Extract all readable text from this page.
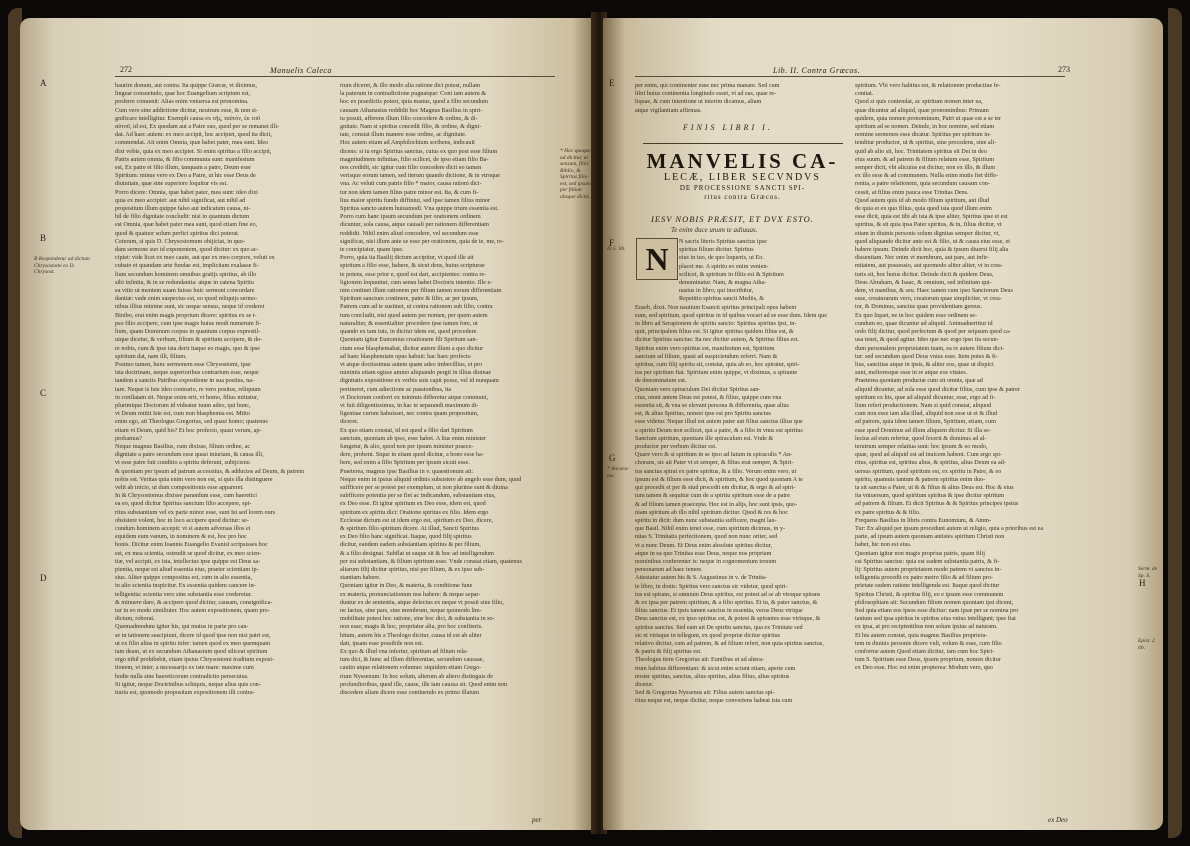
272	Manuelis Caleca
A
B
C
D
B Respondetur ad dictum Chrysostomi ex D. Chrysost.
* Hoc quoque ad dicitur, ut sensum, filiis Biblio, & Spiritus filio est, sed ipsum per filium absque dictis.
haurire donum, aut contra. Ita quippe Græcæ, vt diximus,
linguæ consuetudo, quæ hoc Euangelium scriptum est,
proferre conuenit: Alias enim vniuersa est pronomina.
Cum vero sine addictione dicitur, neutrum esse, & non si-
gnificare intelligitur. Exempli causa ex τῆς, ταὐτόν, ἐκ τοῦ
αὐτοῦ, id est, Ex quodam aut a Patre suo, quod per se remanet illi-
dat. Ad haec autem: ex meo accipit, hoc accipiet, quod ita dicit,
commendat. Ait enim Omnia, quæ habet pater, mea sunt. Ideo
dixi vobis, quia ex meo accipiet. Si enim spiritus a filio accipit,
Patris autem omnia, & filio communia sunt: manifestum
est, Ex patre et filio illum, tanquam a patre, Deum esse
Spiritum: minus vero ex Deo a Patre, ut hic esse Deus de
diuinitate, quæ sine superiore loquitur vis est.
Porro dicere: Omnia, quæ habet pater, mea sunt: ideo dixi
quia ex meo accipiet: aut nihil significat, aut nihil ad
propositum illum quippe falso aut indicatum causa, ni-
hil de filio dignitate concludit: nisi in quantum dictum
est Omnia, quæ habet pater mea sunt, quod etiam fine eo,
quod & quatuor solum perfici spiritus dici poterat.
Ceterum, si quis D. Chrysostomum obijiciat, in quo-
dam sermone suo id exponentem, quod dicitur: ex quo ac-
cipiet: vide licet ex meo caute, aut que ex meo corpore, veluti ex
cubato et quandam arte fundae est, implicitam exalasse fi-
lium secundum hominem omnibus gratijs spiritus, ab illo
sibi infinita, & in se redundantia: atque in catena Spiritu
ea vitio ut mentem suam fuisse huic sermoni concordare
dantiæ: vade enim suspectus est, eo quod reliquijs sermo-
nibus illius minime sunt, sic neque sensus, neque id crederet
Binibo, erat enim magis proprium dicere: spiritus ex se i-
pso filio accipere, cum ipse magis huius modi numerum fi-
lium, quam Dominum corpus in quantum corpus exprestil-
uique dicetur, & verbum, filium & spiritum accipere, & do-
re nobis, cum & ipse ista derit itaque eo magis, quo & ipse
spiritum dat, nam illi, filium.
Postmo tamen, hunc sermonem esse Chrysostomi, ipse
ista doctrinam, neque superioribus contrarium esse, neque
tandem a sanctis Patribus expositione in sua positus, na-
tare. Neque is Iste ideo contrario, re vero positus, reliquum
in conflatam sit. Neque enim erit, vt homo, filius mittatur,
plurimique Doctorum id videatur tuum adeo, qui hunc,
vt Deum mittit Iste est, cum non blasphemia est. Mitto
enim ego, ait Theologus Gregorius, sed quasi homo; quatenus
etiam vt Deum, quid his? Et hoc profecto, quasi verum, ap-
probamus?
Neque magnus Basilius, cum dixisse, filium ordine, ac
dignitate a patre secundum esse quasi iniuriam, & causa illi,
vt esse patre fuit conditio a spiritu deferunt, subijciens:
& quoniam per ipsum ad patrum accessitus, & adductos ad Deum, & patrem
nobis est. Veritas quia enim vero non est, si quis illa distinguere
velit ab inicio, ut dum compositionis esse appareret.
In & Chrysostomus dixisse parandum esse, cum haeretici
ea eo, quod dicitur Spiritus sanctum filio accepere, spi-
ritus substantium vel ex parte minor esse, sunt Ist sed lorem ours
obsistere volent, hoc in loco accipere quod dicitur: se-
cundum hominem accepit: vt si autem adversas illos ei
equidem eum vanum, in nominem & est, hoc pro hoc
bonis. Dicitur enim Ioannis Euangelio Evanist scripsisses hoc
est, ex mea scientia, ostendit se quod dicitur, ex meo scien-
tiæ, vel accipit, ex ista, intellectus ipse quippe est Deus sa-
pientia, neque est aliud essentia eius, praeter scientiam ip-
sius. Aliter quippe compositus est, cum in alio essentia,
in alio scientia inspicitur. Ex essentia quidem cancere in-
telligentia: scientia vero sine substantia esse crederetur.
& minuere dare, & accipere quod dicitur, causam, consignifica-
tur in eo modo similiuter. Hoc autem expositionem, quam pro-
dictum, roborat.
Quemadmodum igitur his, qui mutus in parte pro can-
se in tationem suscipiunt, dicere id quod ipse non nisi patri est,
ut ex filio alius in spiritu infer: tamen quod ex meo quemquam
iam deam, ut ex secundum Athanasium quod siliceat spiritum
ergo nihil prohibebit, etiam ipsius Chrysostomi traditum exposi-
tionem, vt inter, a necessarijs ex iste mare: maxime cum
hodie nulla sine haereticorum contradictio persecutus.
Si igitur, neque Doctrinibus schiquis, neque alius quis con-
traria est, quomodo propositam expositionem illi contra-
rium diceret, & illo modo alia ratione dici potest, nullam
la paterum in contradictione pugnatque: Coni iam autem &
hoc ex praedictis potest, quia manus, quod a filio secundum
causam Athanasius reddidit hoc Magnus Basilius in spiri-
tu posuit, afferens illum filio concedere & ordine, & di-
gnitate. Nam si spiritus concedit filio, & ordine, & digni-
tate, constat illum manere esse ordine, ac dignitate.
Hoc autem etiam ad Amphilochium scribens, indicauit
dicens: si tu ergo Spiritus sanctus, cuius ex quo post esse filium
magnitudinem infinitas, filio scilicet, de ipso etiam filio Ba-
nos credidit, sic igitur cum filio concedere dicit eo tamen
verisque eorum tamen, sed iterum quando dictione, & in vtroque
vna. Ac veluti cum patris filio * maior, causa rationi dici-
tur non idem tamen filius patre minor est. Ita, & cum fi-
lius maior spiritu fundo diffiniui, sed ipse tamen filius minor
Spiritus sancto autem huiusmodi. Vna quippe trium essentia est.
Porro cum hanc ipsum secundum per orationem ordinem
dicuntur, sola causa, atque causali per rationem differentiam
reddidit. Nihil enim aliud concedere, vel secundum esse
significat, nisi illum ante se esse per orationem, quia de te, me, re-
te concipiatur, quam ipse.
Porro, quia ita Basilij dictum accipitur, vt quod ille ait
spiritum a filio esse, habere, & sicut deus, huius scripturae
te potens, esse prior e, quod est dari, accipientes: contra re-
ligionem loquuntur, cum sensu habet Doctoris intentio. Ille e-
nim continet illum rationem per filium tamen eorum differentiam
Spiritum sanctum continere, patre & filio, ac per ipsum,
Patrem cum ad te sustinet, ut contra rationem sub filio, contra
tum concludit, nisi quod autem per nomen, per quem autem
naturaliter, & essentialiter procedere ipse tamen fore, ut
quando ex tam tuis, in dicitur idem est, quod procedere.
Quoniam igitur Eunomius creationem fili Spiritum san-
ctum esse blasphemabat, dicitur autem illum a quo dicitur
ad hanc blasphemiam opus habuit: hac haec profecto
vt atque doctissimus autem quam adeo imbecillius, et pro
minimis etiam egisse ammo aliquando pergit in illius diuinae
dignitatis expositione ex verbis suis capit posse, vel id nunquam
pertineret, cum adiectione ac passionibus, ita
vt Doctorum conferri ex minimis differetur atque communi,
vt fuit diligentissimus, in hac te separandi maximum di-
ligentiae curum habuisset, nec contra quam propositum,
diceret.
Ex quo etiam constat, id est quod a filio dari Spiritum
sanctum, quoniam ab ipso, esse habet. A lius enim minister
fungetur, & alio, quod non per ipsum minister praece-
dere, probent. Sique in etiam quod dicitur, a bono esse ha-
bere, sed enim a filio Spiritum per ipsum sicuti esse.
Praeterea, magnus ipse Basilius in v. quaestionum ait:
Neque enim in ipsius aliquid ordinis subsistere ab angelo esse dum, quod
suffficere per se potest per exemplum, ut non plurime sunt & diuina
subfficere potentia per se fiet ac indicandum, substantiam eius,
ex Deo esse. Et igitur spiritum ex Deo esse, idem est, quod
spiritum ex spiritu dici: Oratione spiritus ex filio. Idem ergo
Ecclesiæ dictum est ut idem ergo est, spiritum ex Deo, dicere,
& spiritum filio spiritum dicere. At illud, Sancti Spiritus
ex Deo filio hanc significat. Itaque, quod filij spiritus
dicitur, eandem eadem substantiam spiritus & per filium,
& a filio designat. Subflat ut eaque sit & hoc ad intelligendum
per est substantiam, & filium spiritum esse. Vnde constat etiam, quatenus
aliarum filij dicitur spiritus, nisi per filium, & ex ipso sub-
stantiam habere.
Quoniam igitur in Deo, & materia, & conditione fune
ex materia, pronunciationum nos habere: & neque separ-
duntur ex de sententia, atque delectus ex neque vt possit sine filio,
ne factus, sine pars, sine membrum, neque quomodo lim-
mobilitate potest hoc ratione, sine hoc dici, & substantia in so-
non esse; magis & hoc, propriatur alia, pro hoc confiteris.
hitum, autem his a Theologo dicitur, causa id est ab aliter
dati, ipsam esse possibile non est.
Ex quo & illud vna infertur, spiritum ad filium rela-
tum dici, & hunc ad illum differentiae, secundum caussae,
cautio atque relationem volumus: siquidem etiam Grego-
rium Nyssenum: In hoc solum, alterum ab altero distinguis de
profundioribus, quod ille, cause, ille iam caussa sit. Quod enim non
discedere aliam dicere esse continendo ex primo illatum
per
Lib. II. Contra Græcos.	273
E
F
G
H
In 5. lib.
* Ancora-tus.
Serm. de Sp. S.
Epist. 2 lib.
per enim, qui continenter esse nec prima manare. Sed cum
libri huius continentia longitudo esset, vt ad eas, quae re-
liquae, & cum intentione ut interim dicamus, aliam
atque vigilantiam affirmas.
FINIS LIBRI I.
MANVELIS CA-
LECÆ, LIBER SECVNDVS
DE PROCESSIONE SANCTI SPI-
ritus contra Græcos.
IESV NOBIS PRÆSIT, ET DVX ESTO.
Te enim duce unum te adiuuas.
N	N sacris literis Spiritus sanctus ipse
spiritus filium dicitur. Spiritus
eius in tuo, de quo loqueris, ut Eo.
placet me. A spiritu eo enim venien-
scilicet, & spiritum in filiis est & Spiritum
denominatur. Nam, & magna Atha-
nasius in libro, qui inscribitur,
Repetitio spiritus sancti Mediis, &
Euseb, dixit. Non nauitum Esancti spiritus principali opus habent
eum, sed spiritum, quod spiritus in id quibus vocari ad se esse dum. Idem que
in libro ad Serapionem de spiritu sancto: Spiritus spiritus ipsi, in-
quit, principalem filius est. Si igitur spiritus quidem filius est, &
dicitur Spiritus sanctus: Ita nec dicitur autem, & Spiritus filius est.
Spiritus enim vero spiritus est, manifestum est, Spiritum
sanctum ad filium, quasi ad suspiciendum referri. Nam &
spiritus, cum filij spiritu sit, constat, quia ab eo, hoc spiratur, spiri-
tus per spiritum fiat. Spiritum enim quippe, vt diximus, a spirante
de denominatum est.
Quoniam vero spiraculum Dei dicitur Spiritus san-
ctus, omni antem Deus est potest, & filius, quippe cum vna
essentia sit, & vna se elevant persona & differentia, quae alius
est, & alius Spiritus, nonest ipse est pro Spiritu sanctus
esse videtur. Neque illud est autem pater aut filius sanctus illius que
a spiritu Deum non scilicet, qui a patre, & a filio in vnus est spiritus
Sanctum spiritum, quoniam ille spiraculum est. Vnde &
productor per verbum dicitur est.
Quare vero & si spiritum in se ipso ad Iatum in spiraculis * An-
chorans, sic ait Pater vt et semper, & filius erat semper, & Spiri-
tus sanctus spirat ex patre spiritus, & a filio. Verum enim vero, ut
ipsum est & filium esse dicit, & spiritum, & hoc quod quoniam A te
qui procedit et per & stud procedit em dicitur, & ergo & ad spiri-
tum tamen & sequitur cum de a spiritu spiritum esse de a patre
& ad filium tamen praecepta. Hoc est in alijs, hoc sunt ipsis, quo-
niam spiritum ab illo nihil spiritum dicitur. Quod & res & hoc
spiritu in dicit: dum nunc substantia sufficere, magni lau-
que Basil. Nihil enim tenet esse, cum spiritum dicimus, in y-
nitas S. Trinitatis perfectionem, quod non nunc oriter, sed
vt a nunc Deum. Et Deus enim absolute spiritus dicitur,
atque in ea quo Trinitas esse Deus, neque nos propriam
nominibus conferenter is: neque in cognomentum tresum
personarum ad haec tenere.
Attestatur autem his & S. Augustinus in v. de Trinita-
te libro, in donis: Spiritus vero sanctus sic videtur, quod spiri-
tus est spirans, si omnium Deus spiritus, est potest ad se ab vtroque spirans
& ex ipsa per patrem spiritum, & a filio spiritus. Et tu, & pater sanctus, &
filius sanctus. Et ipsis tamen sanctus in essentia, verus Deus vtrique
Deus sanctus est, ex ipso spiritus est, & potest & spirantes esse vtrisque, &
spiritus sanctus. Sed eam ait De spiritu sanctus, qua ex Trinitate sed
sic et vtrisque in tellegunt, ex quod propriæ dicitur spiritus
relativo dicitur, cum ad patrem, & ad filium refert, non quia spiritus sanctus,
& patris & filij spiritus est.
Theologus item Gregorius ait: Euntibus ut ad altera-
trum habitus differentiam: & sicut enim sciunt etiam, aperte cum
noster spiritus, sanctus, alius spiritus, alius filius, alius spiritus
dicetur.
Sed & Gregorius Nyssenus ait: Filius autem sanctus spi-
ritus neque est, neque dicitur, neque convertens habeat ista cum
spiritum. Vbi vero habitus est, & relationem productiue fe-
conitat.
Quod si quis contendat, ac spiritum nomen inter ea,
quae dicuntur ad aliquid, quae pronominibus: Primum
quidem, quia nomen pronominum, Patri ut quae est a se ter
spiritum ad se nomen. Deinde, in hoc nomine, sed etiam
nomine sermones esse dicatur. Spiritus per spiritum in-
tenditur productor, ut & spiritus, sine procedens, sine ali-
quid ab alio sit, hoc. Trinitatem spiritus sit Dei in deo
eius suum. & ad patrem & filium relatum esse, Spiritum
semper dicit, vbi alicuius est dicitur, non ex illo, & illum
ex illo esse & ad communem. Nulla enim mutis fiet diffe-
rentia, a patre relationem, quia secundum causam con-
cessit, at filius enim pauca esse Trinitas Dens.
Quod autem quis id ab modo filium spiritum, aut illud
de quia et ex quo filius, quia quod ista quod illum enim
esse dicit, quia est tibi ab ista & ipse aliter, Spiritus ipse et est
spiritus, & sit quia ipsa Pater spiritus, & tu, filius dicitur, vt
etiam in diuinis personis solum dignitas semper dicitur, vt,
quod aliquando dicitur ante est & filio, ut & causa eius esse, et
habere ipsum. Deinde dicit hoc, quia & ipsum diuersi filij alia
dissentiam. Nec enim vt membrum, aut pars, aut infir-
mitatem, aut possessio, aut quomodo aliter aliter, vt in crea-
turis sit, hoc huius dicitur. Deinde dicit & quidem Deus,
Deus Abraham, & Isaac, & omnium, sed infinitum qui-
dem, vt manibus, & seu. Haec tamen cum ipso Sanctorum Deus
esse, creaturarum vero, creatorum quae simpliciter, vt crea-
tor, & Dominus, sanctus quae providentiam gereus.
Ex quo liquet, ne in hoc quidem esse ordinem se-
cundum eo, quae dicuntur ad aliquid. Animaduertitur id
ordo filij dicitur, quod perfectum & quod per seipsum quod ca-
usa tenet, & quod agitur. Ideo que nec ergo ipso ita secun-
dum personalem proprietatem tuam, ea re autem filium dici-
tur: sed secundum quod Deus vnius esse. Item potes & fi-
lius, sanctitas atque in ipsis, & aliter eos, quae ut dispici
sunt, melioresque esse in re atque eos vitates.
Praeterea quoniam productæ cum sit omnis, quæ ad
aliquid dicuntur, ad sola esse quod dicitur filius, cum ipse & patrer
spiritum ex his, quæ ad aliquid dicuntur, esse, ergo ad fi-
lium refert productionem. Nam si quid constat, aliquod
cum non esse iam alia illud, aliquid non esse ut et & illud
ad patrem, quia idem tamen filium, Spiritum, etiam, cum
esse quod Dominus ad illum aliquem dicitur. Si illa se-
lectus ad eum refertur, quod fecerit & dominus ad al-
terutrum semper relatiua sunt: hoc ipsum & eo modo,
quae, quod ad aliquid est ad inuicem habent. Cum ergo spi-
ritus, spiritus est, spiritus alius, & spiritus, alius Deum ea ad-
uersus spiritum, quod spiritum est, ex spiritu in Patre, & eo
spiritu, quamuis tantum & patrem spiritus enim duo-
ta sit sanctus a Patre, ut & & filius & alius Deus est. Hoc & eius
ita vniuersum, quod spiritum spiritus & ipse dicitur spiritum
ad patrem & filium. Et dicit Spiritus & & Spiritus principes ipsius
ex patre spiritus & & filio.
Frequens Basilius in libris contra Eunomium, & Amm-
Tur: Ex aliquid per ipsum procedunt autem ut religio, quia a prioribus est ea
parte, ad ipsum autem quoniam antistes spiritum Christi non
habet, hic non est eius.
Quoniam igitur non magis proprius patris, quam filij
est Spiritus sanctus: quia est eadem substantia patris, & fi-
lij: Spiritus autem proprietatem modo patrem vt sanctus in-
telligentia procedit ex patre metro filio & ad filium pro-
prietate eadem ratione intelligenda est. Itaque quod dicitur
Spiritus Christi, & spiritus filij, eo e ipsum esse communem
philosophiam ait: Secundum filium nomen quoniam ipsi dicunt,
Sed quia etiam eos ipsos esse dicitur: nam ipsæ per se nomina pro
tantum sed ipsa spiritus in spiritus eius vnius intelligunt; ipse fiat
ex ipsa, at pro recipientibus non solum ipsius ad naturam.
Et his autem constat, quia magnus Basilius propriera-
tem in diuinis personis dicere vult, volum & esse, cum filio
conforme autem Quod etiam dicitur, iam cum hoc Spiri-
tum S. Spiritum esse Deus, ipsum proprium, nomen dicitur
ex Deo esse. Hoc est enim propterea: Modum vero, quo
ex Deo
